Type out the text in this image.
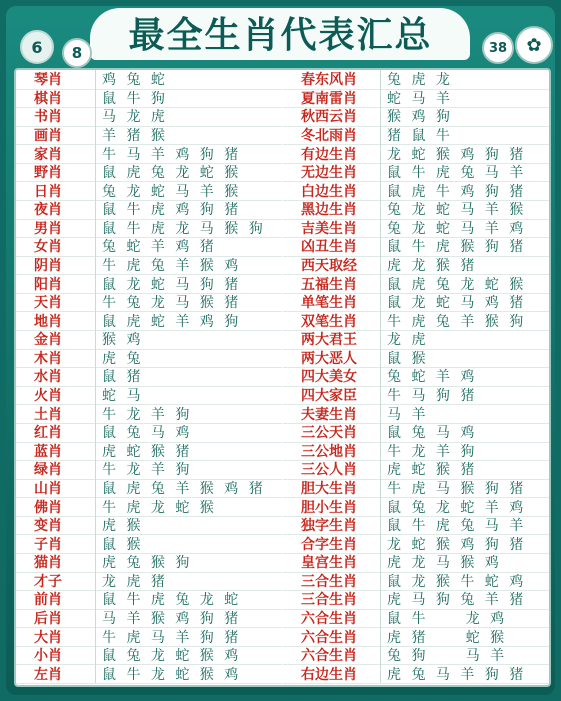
6	8 最全生肖代表汇总	38	✿
琴肖	鸡 兔 蛇
棋肖	鼠 牛 狗
书肖	马 龙 虎
画肖	羊 猪 猴
家肖	牛 马 羊 鸡 狗 猪
野肖	鼠 虎 兔 龙 蛇 猴
日肖	兔 龙 蛇 马 羊 猴
夜肖	鼠 牛 虎 鸡 狗 猪
男肖	鼠 牛 虎 龙 马 猴 狗
女肖	兔 蛇 羊 鸡 猪
阴肖	牛 虎 兔 羊 猴 鸡
阳肖	鼠 龙 蛇 马 狗 猪
天肖	牛 兔 龙 马 猴 猪
地肖	鼠 虎 蛇 羊 鸡 狗
金肖	猴 鸡
木肖	虎 兔
水肖	鼠 猪
火肖	蛇 马
土肖	牛 龙 羊 狗
红肖	鼠 兔 马 鸡
蓝肖	虎 蛇 猴 猪
绿肖	牛 龙 羊 狗
山肖	鼠 虎 兔 羊 猴 鸡 猪
佛肖	牛 虎 龙 蛇 猴
变肖	虎 猴
子肖	鼠 猴
猫肖	虎 兔 猴 狗
才子	龙 虎 猪
前肖	鼠 牛 虎 兔 龙 蛇
后肖	马 羊 猴 鸡 狗 猪
大肖	牛 虎 马 羊 狗 猪
小肖	鼠 兔 龙 蛇 猴 鸡
左肖	鼠 牛 龙 蛇 猴 鸡
春东风肖	兔 虎 龙
夏南雷肖	蛇 马 羊
秋西云肖	猴 鸡 狗
冬北雨肖	猪 鼠 牛
有边生肖	龙 蛇 猴 鸡 狗 猪
无边生肖	鼠 牛 虎 兔 马 羊
白边生肖	鼠 虎 牛 鸡 狗 猪
黑边生肖	兔 龙 蛇 马 羊 猴
吉美生肖	兔 龙 蛇 马 羊 鸡
凶丑生肖	鼠 牛 虎 猴 狗 猪
西天取经	虎 龙 猴 猪
五福生肖	鼠 虎 兔 龙 蛇 猴
单笔生肖	鼠 龙 蛇 马 鸡 猪
双笔生肖	牛 虎 兔 羊 猴 狗
两大君王	龙 虎
两大恶人	鼠 猴
四大美女	兔 蛇 羊 鸡
四大家臣	牛 马 狗 猪
夫妻生肖	马 羊
三公天肖	鼠 兔 马 鸡
三公地肖	牛 龙 羊 狗
三公人肖	虎 蛇 猴 猪
胆大生肖	牛 虎 马 猴 狗 猪
胆小生肖	鼠 兔 龙 蛇 羊 鸡
独字生肖	鼠 牛 虎 兔 马 羊
合字生肖	龙 蛇 猴 鸡 狗 猪
皇宫生肖	虎 龙 马 猴 鸡
三合生肖	鼠 龙 猴 牛 蛇 鸡
三合生肖	虎 马 狗 兔 羊 猪
六合生肖	鼠 牛     龙 鸡
六合生肖	虎 猪     蛇 猴
六合生肖	兔 狗     马 羊
右边生肖	虎 兔 马 羊 狗 猪
